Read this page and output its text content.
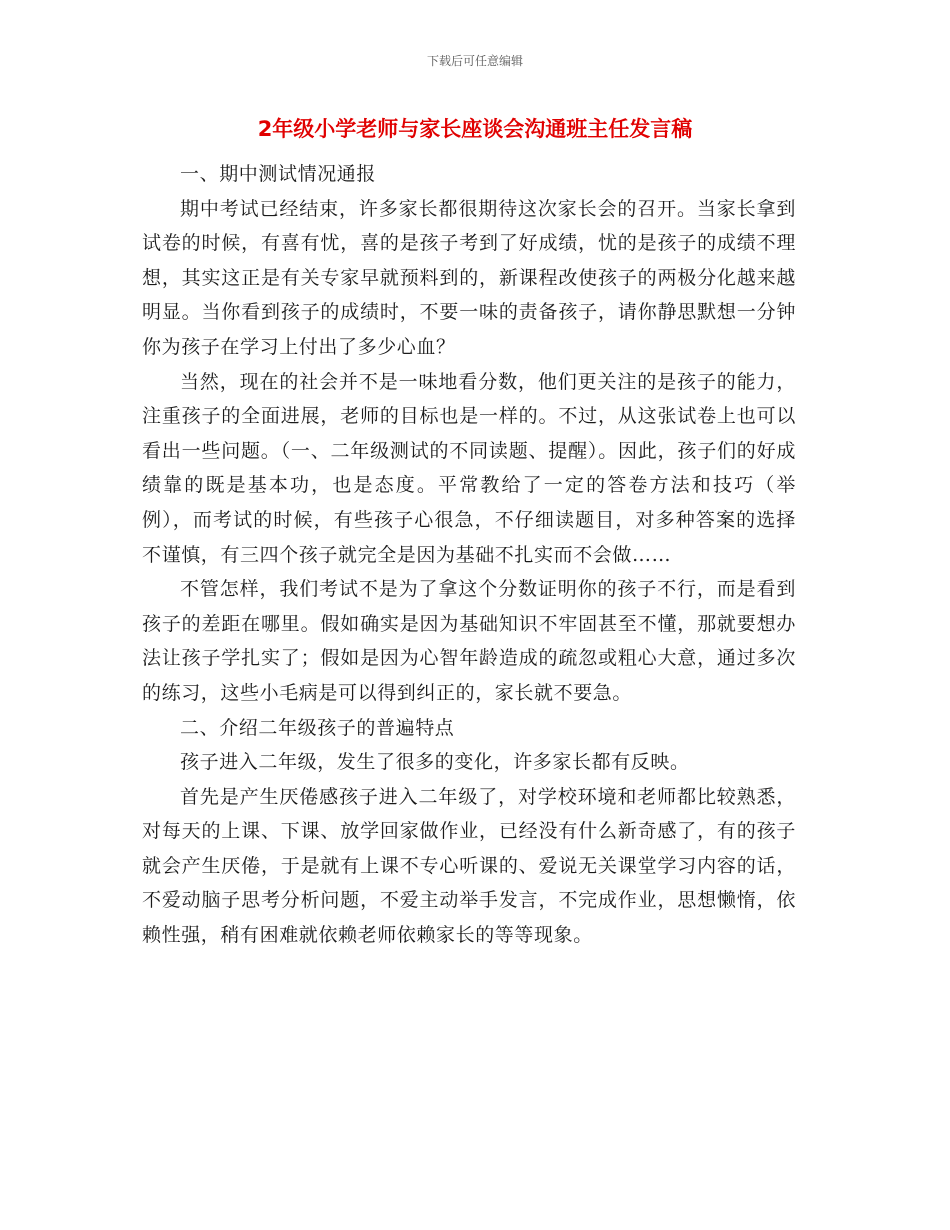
下载后可任意编辑
2年级小学老师与家长座谈会沟通班主任发言稿

一、期中测试情况通报

期中考试已经结束，许多家长都很期待这次家长会的召开。当家长拿到试卷的时候，有喜有忧，喜的是孩子考到了好成绩，忧的是孩子的成绩不理想，其实这正是有关专家早就预料到的，新课程改使孩子的两极分化越来越明显。当你看到孩子的成绩时，不要一味的责备孩子，请你静思默想一分钟你为孩子在学习上付出了多少心血？

当然，现在的社会并不是一味地看分数，他们更关注的是孩子的能力，注重孩子的全面进展，老师的目标也是一样的。不过，从这张试卷上也可以看出一些问题。（一、二年级测试的不同读题、提醒）。因此，孩子们的好成绩靠的既是基本功，也是态度。平常教给了一定的答卷方法和技巧（举例），而考试的时候，有些孩子心很急，不仔细读题目，对多种答案的选择不谨慎，有三四个孩子就完全是因为基础不扎实而不会做……

不管怎样，我们考试不是为了拿这个分数证明你的孩子不行，而是看到孩子的差距在哪里。假如确实是因为基础知识不牢固甚至不懂，那就要想办法让孩子学扎实了；假如是因为心智年龄造成的疏忽或粗心大意，通过多次的练习，这些小毛病是可以得到纠正的，家长就不要急。

二、介绍二年级孩子的普遍特点

孩子进入二年级，发生了很多的变化，许多家长都有反映。

首先是产生厌倦感孩子进入二年级了，对学校环境和老师都比较熟悉，对每天的上课、下课、放学回家做作业，已经没有什么新奇感了，有的孩子就会产生厌倦，于是就有上课不专心听课的、爱说无关课堂学习内容的话，不爱动脑子思考分析问题，不爱主动举手发言，不完成作业，思想懒惰，依赖性强，稍有困难就依赖老师依赖家长的等等现象。
